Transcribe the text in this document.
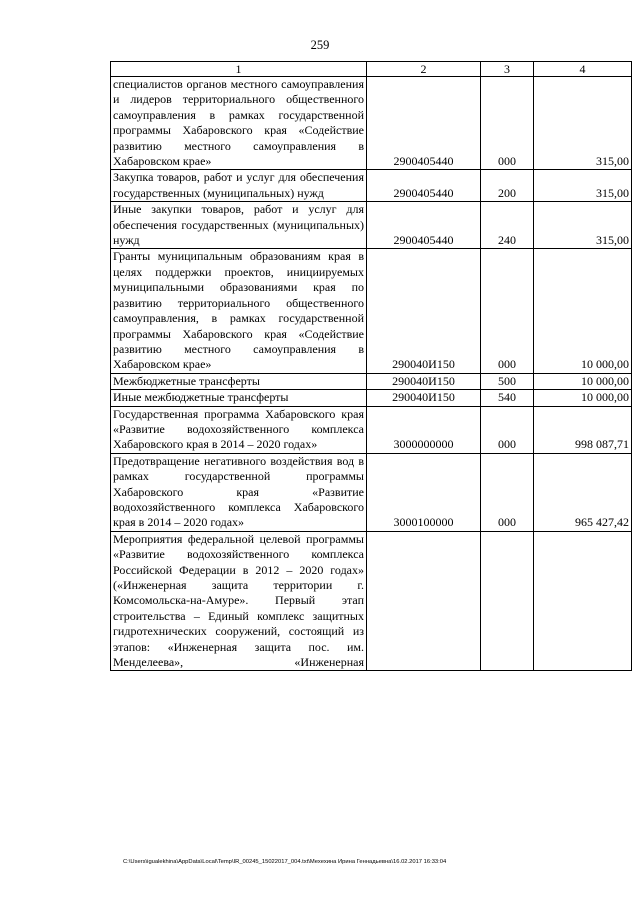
259
1	2	3	4
специалистов органов местного самоуправления и лидеров территориального общественного самоуправления в рамках государственной программы Хабаровского края «Содействие развитию местного самоуправления в Хабаровском крае»	2900405440	000	315,00
Закупка товаров, работ и услуг для обеспечения государственных (муниципальных) нужд	2900405440	200	315,00
Иные закупки товаров, работ и услуг для обеспечения государственных (муниципальных) нужд	2900405440	240	315,00
Гранты муниципальным образованиям края в целях поддержки проектов, инициируемых муниципальными образованиями края по развитию территориального общественного самоуправления, в рамках государственной программы Хабаровского края «Содействие развитию местного самоуправления в Хабаровском крае»	290040И150	000	10 000,00
Межбюджетные трансферты	290040И150	500	10 000,00
Иные межбюджетные трансферты	290040И150	540	10 000,00
Государственная программа Хабаровского края «Развитие водохозяйственного комплекса Хабаровского края в 2014 – 2020 годах»	3000000000	000	998 087,71
Предотвращение негативного воздействия вод в рамках государственной программы Хабаровского края «Развитие водохозяйственного комплекса Хабаровского края в 2014 – 2020 годах»	3000100000	000	965 427,42
Мероприятия федеральной целевой программы «Развитие водохозяйственного комплекса Российской Федерации в 2012 – 2020 годах» («Инженерная защита территории г. Комсомольска-на-Амуре». Первый этап строительства – Единый комплекс защитных гидротехнических сооружений, состоящий из этапов: «Инженерная защита пос. им. Менделеева», «Инженерная			
C:\Users\igualekhina\AppData\Local\Temp\IR_00245_15022017_004.txt\Мехехина Ирина Геннадьевна\16.02.2017 16:33:04
